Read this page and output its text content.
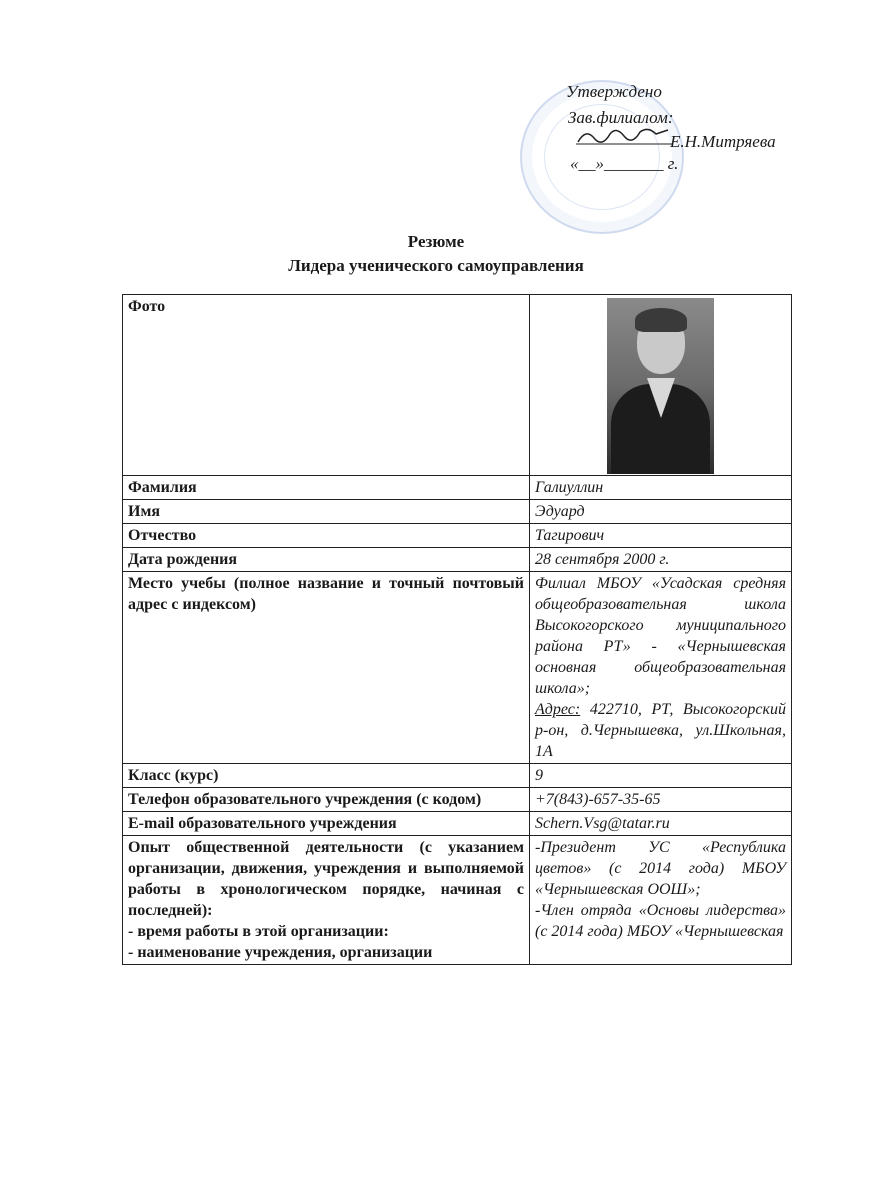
Утверждено
Зав.филиалом:
Е.Н.Митряева
«__»_______ г.
Резюме
Лидера ученического самоуправления
Фото	

Фамилия	Галиуллин
Имя	Эдуард
Отчество	Тагирович
Дата рождения	28 сентября 2000 г.
Место учебы (полное название и точный почтовый адрес с индексом)	Филиал МБОУ «Усадская средняя общеобразовательная школа Высокогорского муниципального района РТ» - «Чернышевская основная общеобразовательная школа»;
Адрес: 422710, РТ, Высокогорский р-он, д.Чернышевка, ул.Школьная, 1А
Класс (курс)	9
Телефон образовательного учреждения (с кодом)	+7(843)-657-35-65
E-mail образовательного учреждения	Schern.Vsg@tatar.ru
Опыт общественной деятельности (с указанием организации, движения, учреждения и выполняемой работы в хронологическом порядке, начиная с последней):
- время работы в этой организации:
- наименование учреждения, организации	-Президент УС «Республика цветов» (с 2014 года) МБОУ «Чернышевская ООШ»;
-Член отряда «Основы лидерства» (с 2014 года) МБОУ «Чернышевская
